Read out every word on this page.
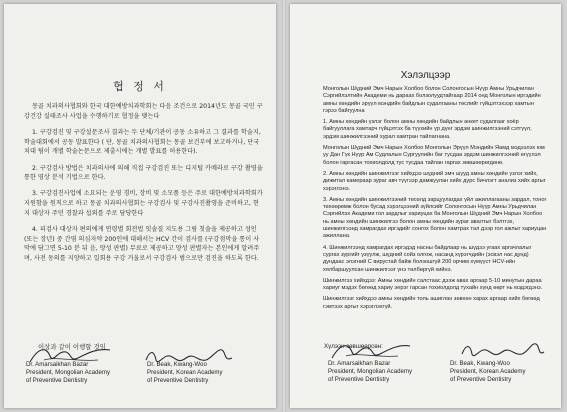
협 정 서

몽골 치과의사협회와 한국 대한예방치과학회는 다음 조건으로 2014년도 몽골 국민 구강건강 실태조사 사업을 수행하기로 협정을 맺는다

1. 구강검진 및 구강설문조사 결과는 두 단체/기관이 공동 소유하고 그 결과를 학술지, 학술대회에서 공동 발표한다 ( 단, 몽골 치과의사협회는 몽골 보건부에 보고하거나, 단국치대 팀이 개별 학술논문으로 제출시에는 개별 발표를 허용한다).

2. 구강검사 방법은 치과의사에 의해 직접 구강검진 또는 디지털 카메라로 구강 촬영을 통한 영상 분석 기법으로 한다.

3. 구강검진사업에 소요되는 운영 경비, 장비 및 소모품 등은 주로 대한예방치과학회가 지원함을 원칙으로 하고 몽골 치과의사협회는 구강검사 및 구강사진촬영을 준비하고, 현지 대상자 주민 경찰과 섭외를 주로 담당한다

4. 피검사 대상자 편의에게 연령별 회전법 잇솔질 지도용 그림 칫솔을 제공하고 성인(또는 장년) 중 간염 의심자약 200인에 대해서는 HCV 간이 검사를 (구강점막을 통이 사막에 담그면 5-10 분 뒤 음, 양성 판별) 무료로 제공하고 양성 판별자는 본인에게 알려주며, 사전 동의를 지양하고 일회용 구강 거울로서 구강검사 범으로만 검진을 하도록 한다.

이상과 같이 이행할 것임
Dr. Amarsaikhan Bazar
President, Mongolian Academy
of Preventive Dentistry
Dr. Beak, Kwang-Woo
President, Korean Academy
of Preventive Dentistry
Хэлэлцээр

Монголын Шүдний Эмч Нарын Холбоо болон Солонгосын Нүүр Амны Урьдчилан Сэргийлэлтийн Академи нь дараах болзолуудтайгаар 2014 онд Монголын иргэдийн амны хөндийн эрүүл мэндийн байдлын судалгааны төслийг гүйцэтгэхээр хамтын гэрээ байгуулна

1. Амны хөндийн үзлэг болон амны хөндийн байдлын анкет судалгааг хоёр байгууллага хамтарч гүйцэтгэх ба түүхийн үр дүнг эрдэм шинжилгээний сэтгүүл, эрдэм шинжилгээний хурал хамтран тайлагнана.

Монголын Шүдний Эмч Нарын Холбоо Монголын Эрүүл Мэндийн Яамд мэдээлэх юм уу Дан Гүк Нүүр Ам Судлалын Сургуулийн баг тусдаа эрдэм шинжилгээний өгүүлэл болон гаргасан тохиолдолд тус тусдаа тайлан гаргах зөвшөөрөгдөнө.

2. Амны хөндийн шинжилгээг хийхдээ шүдний эмч шууд амны хөндийн үзлэг хийх, дижитал камераар зураг авч түүгээр дамжуулан хийх дүрс бичлэгт анализ хийх аргыг хэрэглэнэ.

3. Амны хөндийн шинжилгээний төсөлд зарцуулагдах үйл ажиллагааны зардал, тоног төхөөрөмж болон бусад хэрэгцээний зүйлсийг Солонгосын Нүүр Амны Урьдчилан Сэргийлэх Академи гол зардлыг хариуцах ба Монголын Шүдний Эмч Нарын Холбоо нь амны хөндийн шинжилгээ болон амны хөндийн зураг авалтыг бэлтгэх, шинжилгээнд хамрагдах иргэдийг сонгох болон хамтрах тал дээр гол ажлыг хариуцан ажиллана.

4. Шинжилгээнд хамрагдах иргэдэд насны байдлаар нь шүдээ угаах аргачлалыг сургах зургийг үзүүлж, шүдний сойз олгож, насанд хүрэгчдийн (эсвэл нас дунд) дундаас элэгний С вирустай байж болзошгүй 200 орчим хүмүүст HCV-ийн хялбаршуулсан шинжилгээг үнэ төлбөргүй хийнэ.

Шинжилгээ хийхдээ: Амны хөндийн салстаас дээж авах аргаар 5-10 минутын дараа хариуг мэдэх бөгөөд хариу эерэг гарсан тохиолдолд тухайн хүнд өөрт нь мэдэгдэнэ.

Шинжилгээг хийхдээ амны хөндийн толь ашиглан зөвхөн харах аргаар хийх бөгөөд гэмтээх аргыг хэрэглэхгүй.

Хүлээн зөвшөөрсөн:
Dr. Amarsaikhan Bazar
President, Mongolian Academy
of Preventive Dentistry
Dr. Beak, Kwang-Woo
President, Korean Academy
of Preventive Dentistry
